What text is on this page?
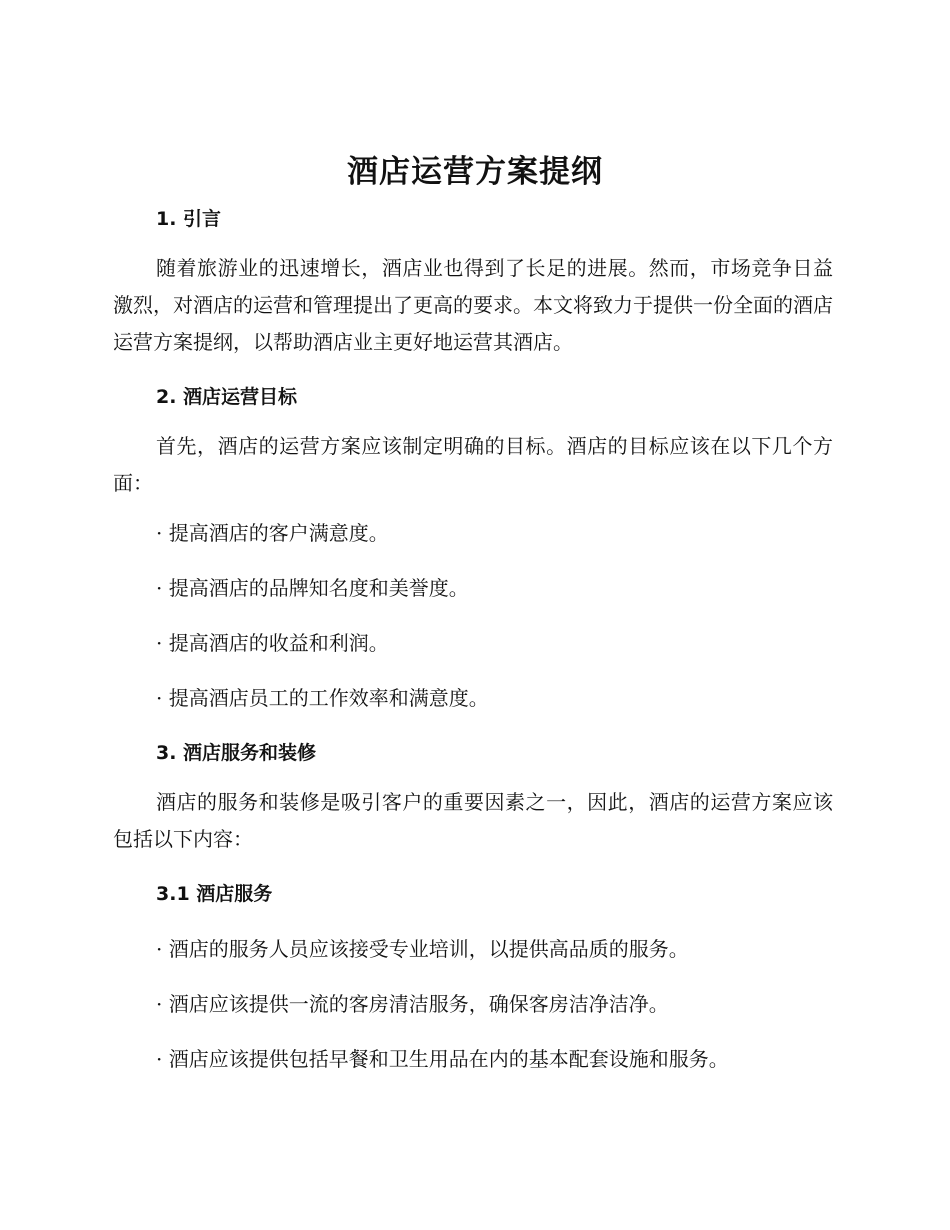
酒店运营方案提纲
1. 引言

随着旅游业的迅速增长，酒店业也得到了长足的进展。然而，市场竞争日益激烈，对酒店的运营和管理提出了更高的要求。本文将致力于提供一份全面的酒店运营方案提纲，以帮助酒店业主更好地运营其酒店。

2. 酒店运营目标

首先，酒店的运营方案应该制定明确的目标。酒店的目标应该在以下几个方面：

· 提高酒店的客户满意度。

· 提高酒店的品牌知名度和美誉度。

· 提高酒店的收益和利润。

· 提高酒店员工的工作效率和满意度。

3. 酒店服务和装修

酒店的服务和装修是吸引客户的重要因素之一，因此，酒店的运营方案应该包括以下内容：

3.1 酒店服务

· 酒店的服务人员应该接受专业培训，以提供高品质的服务。

· 酒店应该提供一流的客房清洁服务，确保客房洁净洁净。

· 酒店应该提供包括早餐和卫生用品在内的基本配套设施和服务。
